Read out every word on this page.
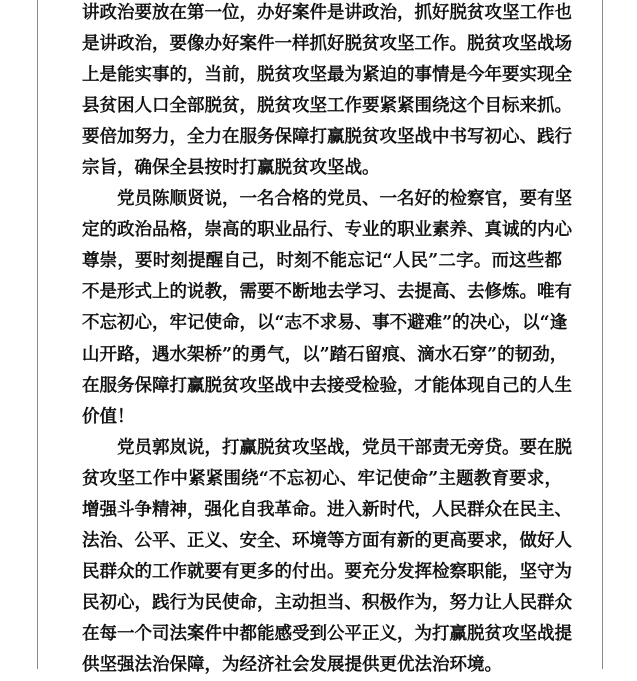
讲政治要放在第一位，办好案件是讲政治，抓好脱贫攻坚工作也
是讲政治，要像办好案件一样抓好脱贫攻坚工作。脱贫攻坚战场
上是能实事的，当前，脱贫攻坚最为紧迫的事情是今年要实现全
县贫困人口全部脱贫，脱贫攻坚工作要紧紧围绕这个目标来抓。
要倍加努力，全力在服务保障打赢脱贫攻坚战中书写初心、践行
宗旨，确保全县按时打赢脱贫攻坚战。
党员陈顺贤说，一名合格的党员、一名好的检察官，要有坚
定的政治品格，崇高的职业品行、专业的职业素养、真诚的内心
尊崇，要时刻提醒自己，时刻不能忘记“人民”二字。而这些都
不是形式上的说教，需要不断地去学习、去提高、去修炼。唯有
不忘初心，牢记使命，以“志不求易、事不避难”的决心，以“逢
山开路，遇水架桥”的勇气，以”踏石留痕、滴水石穿”的韧劲，
在服务保障打赢脱贫攻坚战中去接受检验，才能体现自己的人生
价值！
党员郭岚说，打赢脱贫攻坚战，党员干部责无旁贷。要在脱
贫攻坚工作中紧紧围绕“不忘初心、牢记使命”主题教育要求，
增强斗争精神，强化自我革命。进入新时代，人民群众在民主、
法治、公平、正义、安全、环境等方面有新的更高要求，做好人
民群众的工作就要有更多的付出。要充分发挥检察职能，坚守为
民初心，践行为民使命，主动担当、积极作为，努力让人民群众
在每一个司法案件中都能感受到公平正义，为打赢脱贫攻坚战提
供坚强法治保障，为经济社会发展提供更优法治环境。
